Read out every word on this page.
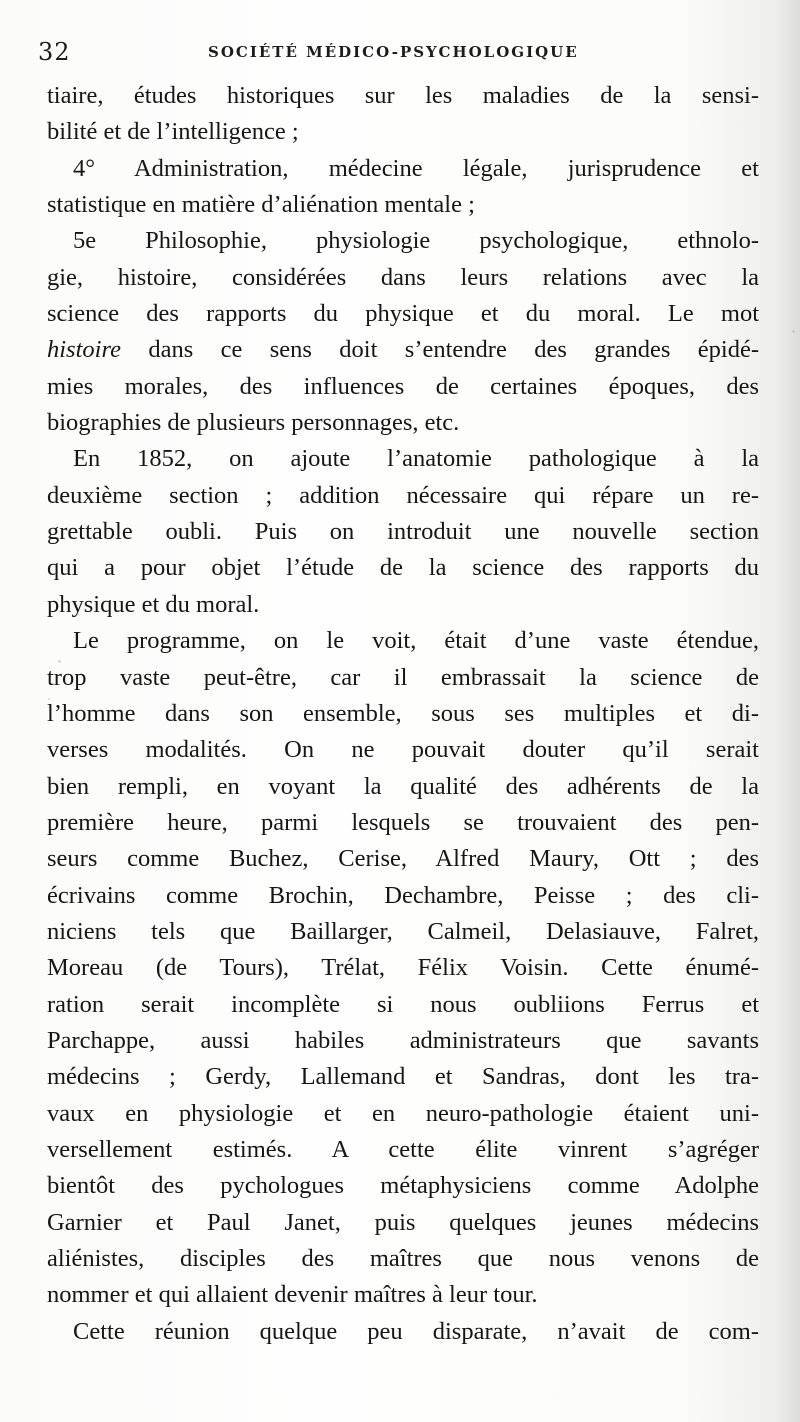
32	SOCIÉTÉ MÉDICO-PSYCHOLOGIQUE
tiaire, études historiques sur les maladies de la sensi-
bilité et de l’intelligence ;
4° Administration, médecine légale, jurisprudence et
statistique en matière d’aliénation mentale ;
5e Philosophie, physiologie psychologique, ethnolo-
gie, histoire, considérées dans leurs relations avec la
science des rapports du physique et du moral. Le mot
histoire dans ce sens doit s’entendre des grandes épidé-
mies morales, des influences de certaines époques, des
biographies de plusieurs personnages, etc.
En 1852, on ajoute l’anatomie pathologique à la
deuxième section ; addition nécessaire qui répare un re-
grettable oubli. Puis on introduit une nouvelle section
qui a pour objet l’étude de la science des rapports du
physique et du moral.
Le programme, on le voit, était d’une vaste étendue,
trop vaste peut-être, car il embrassait la science de
l’homme dans son ensemble, sous ses multiples et di-
verses modalités. On ne pouvait douter qu’il serait
bien rempli, en voyant la qualité des adhérents de la
première heure, parmi lesquels se trouvaient des pen-
seurs comme Buchez, Cerise, Alfred Maury, Ott ; des
écrivains comme Brochin, Dechambre, Peisse ; des cli-
niciens tels que Baillarger, Calmeil, Delasiauve, Falret,
Moreau (de Tours), Trélat, Félix Voisin. Cette énumé-
ration serait incomplète si nous oubliions Ferrus et
Parchappe, aussi habiles administrateurs que savants
médecins ; Gerdy, Lallemand et Sandras, dont les tra-
vaux en physiologie et en neuro-pathologie étaient uni-
versellement estimés. A cette élite vinrent s’agréger
bientôt des pychologues métaphysiciens comme Adolphe
Garnier et Paul Janet, puis quelques jeunes médecins
aliénistes, disciples des maîtres que nous venons de
nommer et qui allaient devenir maîtres à leur tour.
Cette réunion quelque peu disparate, n’avait de com-
